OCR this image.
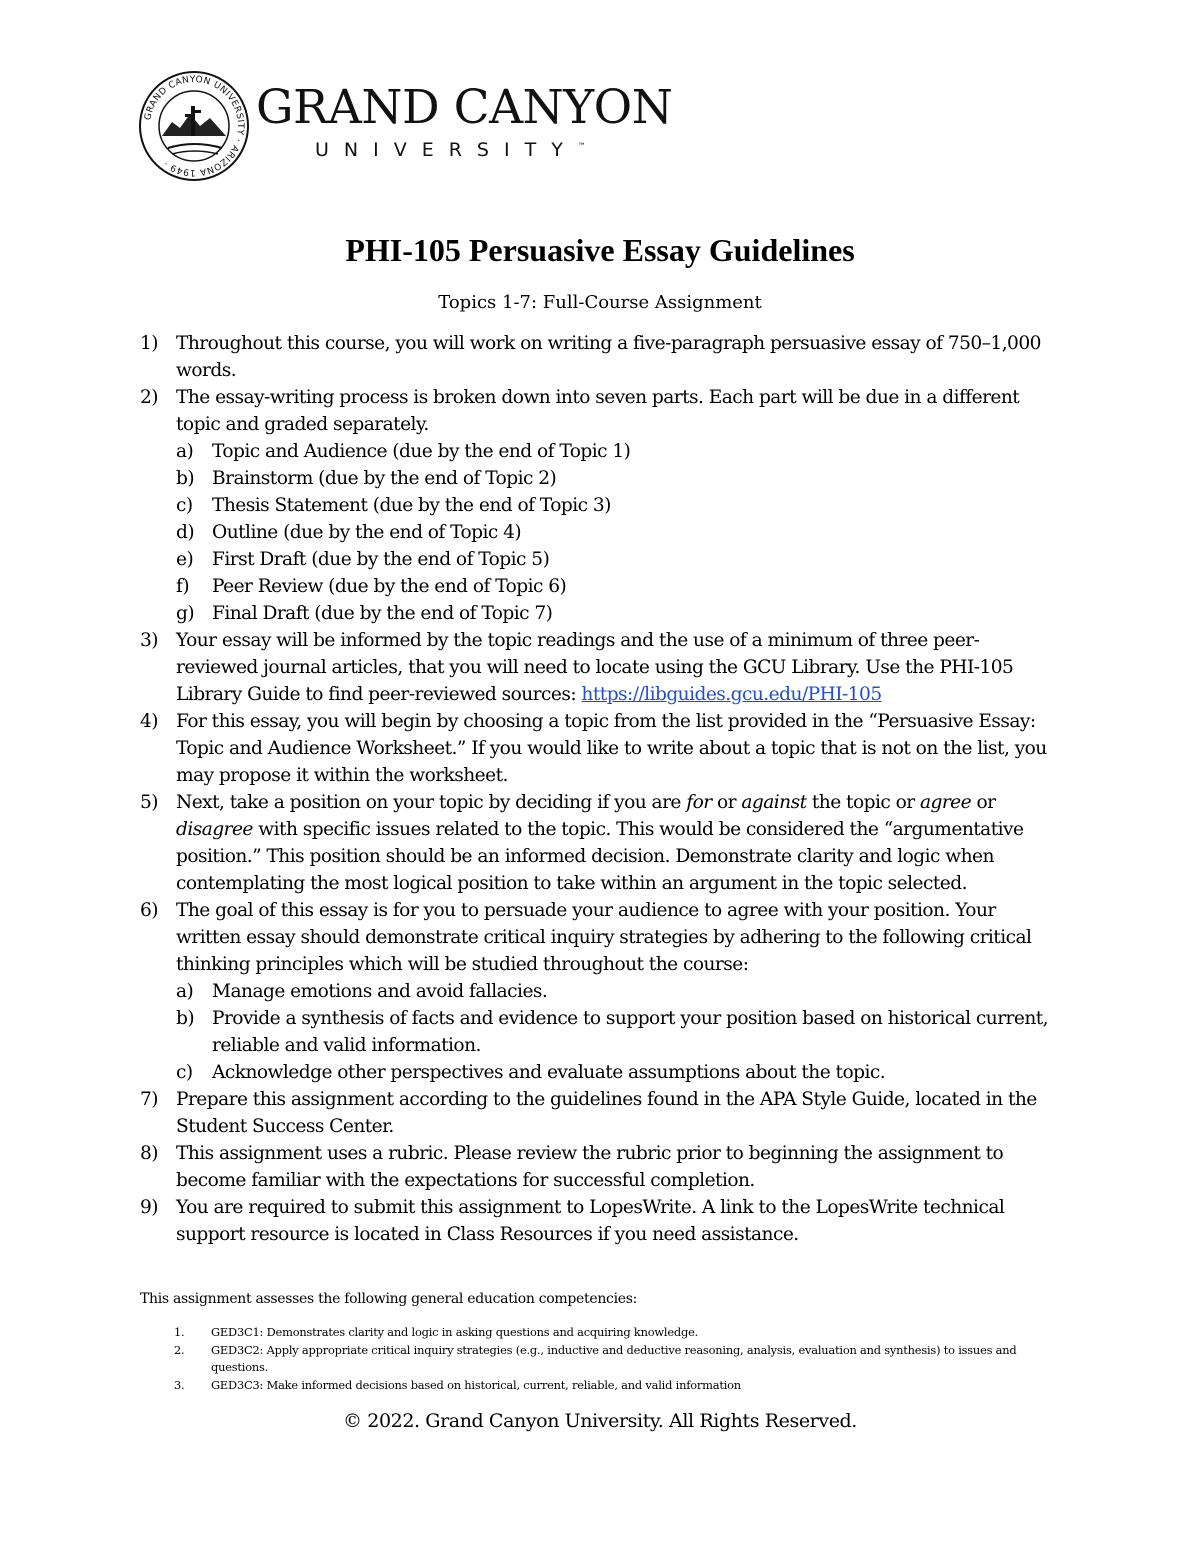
GRAND CANYON UNIVERSITY · ARIZONA 1949 ·
GRAND CANYON
UNIVERSITY™
PHI-105 Persuasive Essay Guidelines
Topics 1-7: Full-Course Assignment
1) Throughout this course, you will work on writing a five-paragraph persuasive essay of 750–1,000 words.
2) The essay-writing process is broken down into seven parts. Each part will be due in a different topic and graded separately.
a) Topic and Audience (due by the end of Topic 1)
b) Brainstorm (due by the end of Topic 2)
c) Thesis Statement (due by the end of Topic 3)
d) Outline (due by the end of Topic 4)
e) First Draft (due by the end of Topic 5)
f) Peer Review (due by the end of Topic 6)
g) Final Draft (due by the end of Topic 7)
3) Your essay will be informed by the topic readings and the use of a minimum of three peer-reviewed journal articles, that you will need to locate using the GCU Library. Use the PHI-105 Library Guide to find peer-reviewed sources: https://libguides.gcu.edu/PHI-105
4) For this essay, you will begin by choosing a topic from the list provided in the “Persuasive Essay: Topic and Audience Worksheet.” If you would like to write about a topic that is not on the list, you may propose it within the worksheet.
5) Next, take a position on your topic by deciding if you are for or against the topic or agree or disagree with specific issues related to the topic. This would be considered the “argumentative position.” This position should be an informed decision. Demonstrate clarity and logic when contemplating the most logical position to take within an argument in the topic selected.
6) The goal of this essay is for you to persuade your audience to agree with your position. Your written essay should demonstrate critical inquiry strategies by adhering to the following critical thinking principles which will be studied throughout the course:
a) Manage emotions and avoid fallacies.
b) Provide a synthesis of facts and evidence to support your position based on historical current, reliable and valid information.
c) Acknowledge other perspectives and evaluate assumptions about the topic.
7) Prepare this assignment according to the guidelines found in the APA Style Guide, located in the Student Success Center.
8) This assignment uses a rubric. Please review the rubric prior to beginning the assignment to become familiar with the expectations for successful completion.
9) You are required to submit this assignment to LopesWrite. A link to the LopesWrite technical support resource is located in Class Resources if you need assistance.
This assignment assesses the following general education competencies:
1. GED3C1: Demonstrates clarity and logic in asking questions and acquiring knowledge.
2. GED3C2: Apply appropriate critical inquiry strategies (e.g., inductive and deductive reasoning, analysis, evaluation and synthesis) to issues and questions.
3. GED3C3: Make informed decisions based on historical, current, reliable, and valid information
© 2022. Grand Canyon University. All Rights Reserved.
